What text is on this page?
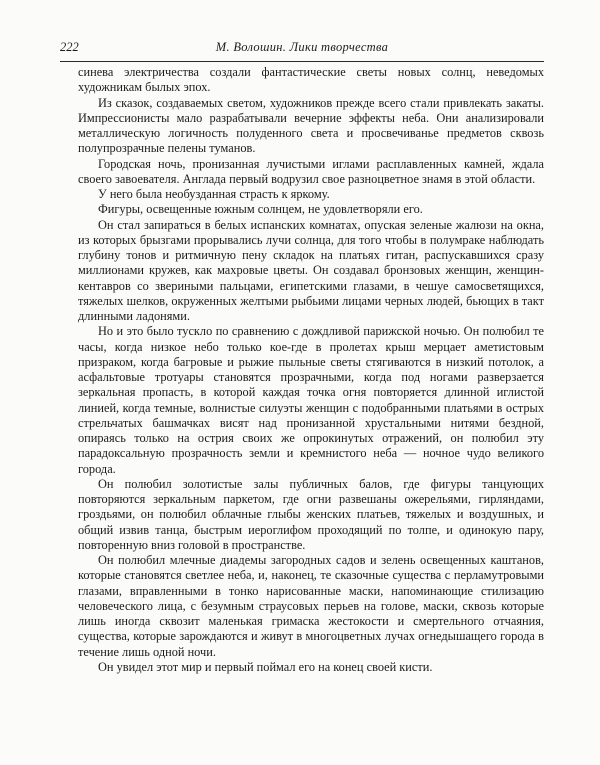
222	М. Волошин. Лики творчества

синева электричества создали фантастические светы новых солнц, неведомых художникам былых эпох.

Из сказок, создаваемых светом, художников прежде всего стали привлекать закаты. Импрессионисты мало разрабатывали вечерние эффекты неба. Они анализировали металлическую логичность полуденного света и просвечиванье предметов сквозь полупрозрачные пелены туманов.

Городская ночь, пронизанная лучистыми иглами расплавленных камней, ждала своего завоевателя. Англада первый водрузил свое разноцветное знамя в этой области.

У него была необузданная страсть к яркому.

Фигуры, освещенные южным солнцем, не удовлетворяли его.

Он стал запираться в белых испанских комнатах, опуская зеленые жалюзи на окна, из которых брызгами прорывались лучи солнца, для того чтобы в полумраке наблюдать глубину тонов и ритмичную пену складок на платьях гитан, распускавшихся сразу миллионами кружев, как махровые цветы. Он создавал бронзовых женщин, женщин-кентавров со звериными пальцами, египетскими глазами, в чешуе самосветящихся, тяжелых шелков, окруженных желтыми рыбьими лицами черных людей, бьющих в такт длинными ладонями.

Но и это было тускло по сравнению с дождливой парижской ночью. Он полюбил те часы, когда низкое небо только кое-где в пролетах крыш мерцает аметистовым призраком, когда багровые и рыжие пыльные светы стягиваются в низкий потолок, а асфальтовые тротуары становятся прозрачными, когда под ногами разверзается зеркальная пропасть, в которой каждая точка огня повторяется длинной иглистой линией, когда темные, волнистые силуэты женщин с подобранными платьями в острых стрельчатых башмачках висят над пронизанной хрустальными нитями бездной, опираясь только на острия своих же опрокинутых отражений, он полюбил эту парадоксальную прозрачность земли и кремнистого неба — ночное чудо великого города.

Он полюбил золотистые залы публичных балов, где фигуры танцующих повторяются зеркальным паркетом, где огни развешаны ожерельями, гирляндами, гроздьями, он полюбил облачные глыбы женских платьев, тяжелых и воздушных, и общий извив танца, быстрым иероглифом проходящий по толпе, и одинокую пару, повторенную вниз головой в пространстве.

Он полюбил млечные диадемы загородных садов и зелень освещенных каштанов, которые становятся светлее неба, и, наконец, те сказочные существа с перламутровыми глазами, вправленными в тонко нарисованные маски, напоминающие стилизацию человеческого лица, с безумным страусовых перьев на голове, маски, сквозь которые лишь иногда сквозит маленькая гримаска жестокости и смертельного отчаяния, существа, которые зарождаются и живут в многоцветных лучах огнедышащего города в течение лишь одной ночи.

Он увидел этот мир и первый поймал его на конец своей кисти.
